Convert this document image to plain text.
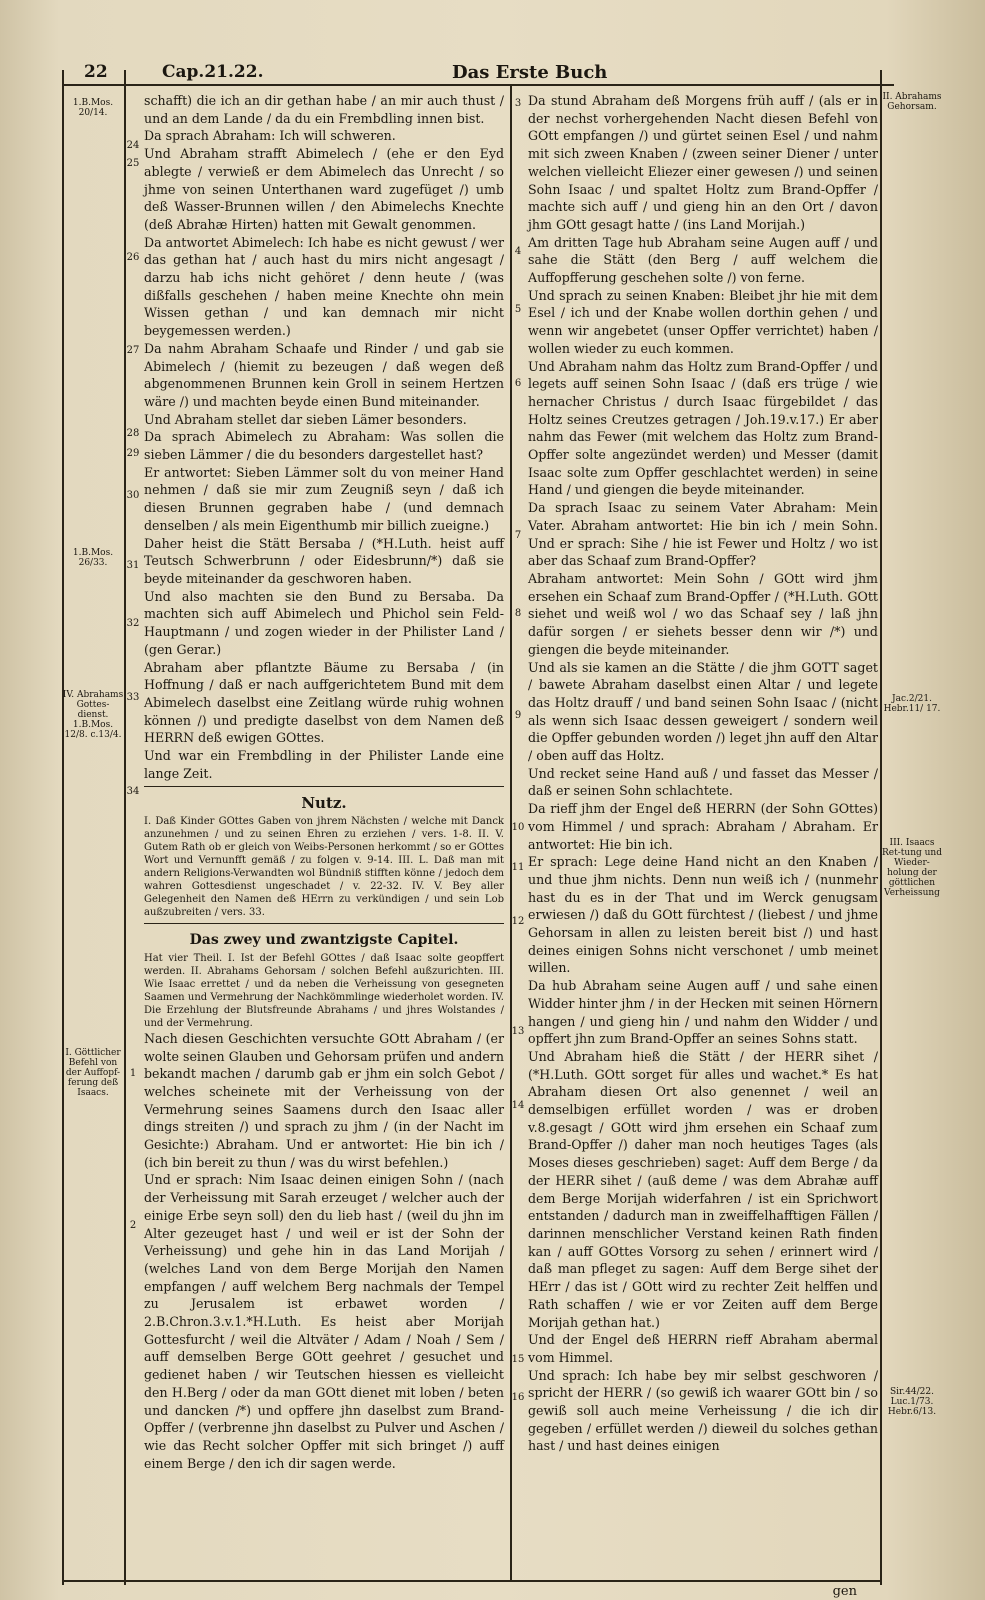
22	Cap.21.22.	Das Erste Buch
1.B.Mos. 20/14.
1.B.Mos. 26/33.
IV. Abrahams Gottes-dienst. 1.B.Mos. 12/8. c.13/4.
I. Göttlicher Befehl von der Auffopf-ferung deß Isaacs.
II. Abrahams Gehorsam.
Jac.2/21. Hebr.11/ 17.
III. Isaacs Ret-tung und Wieder-holung der göttlichen Verheissung
Sir.44/22. Luc.1/73. Hebr.6/13.

schafft) die ich an dir gethan habe / an mir auch thust / und an dem Lande / da du ein Frembdling innen bist.

Da sprach Abraham: Ich will schweren.

Und Abraham strafft Abimelech / (ehe er den Eyd ablegte / verwieß er dem Abimelech das Unrecht / so jhme von seinen Unterthanen ward zugefüget /) umb deß Wasser-Brunnen willen / den Abimelechs Knechte (deß Abrahæ Hirten) hatten mit Gewalt genommen.

Da antwortet Abimelech: Ich habe es nicht gewust / wer das gethan hat / auch hast du mirs nicht angesagt / darzu hab ichs nicht gehöret / denn heute / (was dißfalls geschehen / haben meine Knechte ohn mein Wissen gethan / und kan demnach mir nicht beygemessen werden.)

Da nahm Abraham Schaafe und Rinder / und gab sie Abimelech / (hiemit zu bezeugen / daß wegen deß abgenommenen Brunnen kein Groll in seinem Hertzen wäre /) und machten beyde einen Bund miteinander.

Und Abraham stellet dar sieben Lämer besonders.

Da sprach Abimelech zu Abraham: Was sollen die sieben Lämmer / die du besonders dargestellet hast?

Er antwortet: Sieben Lämmer solt du von meiner Hand nehmen / daß sie mir zum Zeugniß seyn / daß ich diesen Brunnen gegraben habe / (und demnach denselben / als mein Eigenthumb mir billich zueigne.)

Daher heist die Stätt Bersaba / (*H.Luth. heist auff Teutsch Schwerbrunn / oder Eidesbrunn/*) daß sie beyde miteinander da geschworen haben.

Und also machten sie den Bund zu Bersaba. Da machten sich auff Abimelech und Phichol sein Feld-Hauptmann / und zogen wieder in der Philister Land / (gen Gerar.)

Abraham aber pflantzte Bäume zu Bersaba / (in Hoffnung / daß er nach auffgerichtetem Bund mit dem Abimelech daselbst eine Zeitlang würde ruhig wohnen können /) und predigte daselbst von dem Namen deß HERRN deß ewigen GOttes.

Und war ein Frembdling in der Philister Lande eine lange Zeit.

Nutz.

I. Daß Kinder GOttes Gaben von jhrem Nächsten / welche mit Danck anzunehmen / und zu seinen Ehren zu erziehen / vers. 1-8. II. V. Gutem Rath ob er gleich von Weibs-Personen herkommt / so er GOttes Wort und Vernunfft gemäß / zu folgen v. 9-14. III. L. Daß man mit andern Religions-Verwandten wol Bündniß stifften könne / jedoch dem wahren Gottesdienst ungeschadet / v. 22-32. IV. V. Bey aller Gelegenheit den Namen deß HErrn zu verkündigen / und sein Lob außzubreiten / vers. 33.

Das zwey und zwantzigste Capitel.

Hat vier Theil. I. Ist der Befehl GOttes / daß Isaac solte geopffert werden. II. Abrahams Gehorsam / solchen Befehl außzurichten. III. Wie Isaac errettet / und da neben die Verheissung von gesegneten Saamen und Vermehrung der Nachkömmlinge wiederholet worden. IV. Die Erzehlung der Blutsfreunde Abrahams / und jhres Wolstandes / und der Vermehrung.

Nach diesen Geschichten versuchte GOtt Abraham / (er wolte seinen Glauben und Gehorsam prüfen und andern bekandt machen / darumb gab er jhm ein solch Gebot / welches scheinete mit der Verheissung von der Vermehrung seines Saamens durch den Isaac aller dings streiten /) und sprach zu jhm / (in der Nacht im Gesichte:) Abraham. Und er antwortet: Hie bin ich / (ich bin bereit zu thun / was du wirst befehlen.)

Und er sprach: Nim Isaac deinen einigen Sohn / (nach der Verheissung mit Sarah erzeuget / welcher auch der einige Erbe seyn soll) den du lieb hast / (weil du jhn im Alter gezeuget hast / und weil er ist der Sohn der Verheissung) und gehe hin in das Land Morijah / (welches Land von dem Berge Morijah den Namen empfangen / auff welchem Berg nachmals der Tempel zu Jerusalem ist erbawet worden / 2.B.Chron.3.v.1.*H.Luth. Es heist aber Morijah Gottesfurcht / weil die Altväter / Adam / Noah / Sem / auff demselben Berge GOtt geehret / gesuchet und gedienet haben / wir Teutschen hiessen es vielleicht den H.Berg / oder da man GOtt dienet mit loben / beten und dancken /*) und opffere jhn daselbst zum Brand-Opffer / (verbrenne jhn daselbst zu Pulver und Aschen / wie das Recht solcher Opffer mit sich bringet /) auff einem Berge / den ich dir sagen werde.

24
25
26
27
28
29
30
31
32
33
34
1
2

Da stund Abraham deß Morgens früh auff / (als er in der nechst vorhergehenden Nacht diesen Befehl von GOtt empfangen /) und gürtet seinen Esel / und nahm mit sich zween Knaben / (zween seiner Diener / unter welchen vielleicht Eliezer einer gewesen /) und seinen Sohn Isaac / und spaltet Holtz zum Brand-Opffer / machte sich auff / und gieng hin an den Ort / davon jhm GOtt gesagt hatte / (ins Land Morijah.)

Am dritten Tage hub Abraham seine Augen auff / und sahe die Stätt (den Berg / auff welchem die Auffopfferung geschehen solte /) von ferne.

Und sprach zu seinen Knaben: Bleibet jhr hie mit dem Esel / ich und der Knabe wollen dorthin gehen / und wenn wir angebetet (unser Opffer verrichtet) haben / wollen wieder zu euch kommen.

Und Abraham nahm das Holtz zum Brand-Opffer / und legets auff seinen Sohn Isaac / (daß ers trüge / wie hernacher Christus / durch Isaac fürgebildet / das Holtz seines Creutzes getragen / Joh.19.v.17.) Er aber nahm das Fewer (mit welchem das Holtz zum Brand-Opffer solte angezündet werden) und Messer (damit Isaac solte zum Opffer geschlachtet werden) in seine Hand / und giengen die beyde miteinander.

Da sprach Isaac zu seinem Vater Abraham: Mein Vater. Abraham antwortet: Hie bin ich / mein Sohn. Und er sprach: Sihe / hie ist Fewer und Holtz / wo ist aber das Schaaf zum Brand-Opffer?

Abraham antwortet: Mein Sohn / GOtt wird jhm ersehen ein Schaaf zum Brand-Opffer / (*H.Luth. GOtt siehet und weiß wol / wo das Schaaf sey / laß jhn dafür sorgen / er siehets besser denn wir /*) und giengen die beyde miteinander.

Und als sie kamen an die Stätte / die jhm GOTT saget / bawete Abraham daselbst einen Altar / und legete das Holtz drauff / und band seinen Sohn Isaac / (nicht als wenn sich Isaac dessen geweigert / sondern weil die Opffer gebunden worden /) leget jhn auff den Altar / oben auff das Holtz.

Und recket seine Hand auß / und fasset das Messer / daß er seinen Sohn schlachtete.

Da rieff jhm der Engel deß HERRN (der Sohn GOttes) vom Himmel / und sprach: Abraham / Abraham. Er antwortet: Hie bin ich.

Er sprach: Lege deine Hand nicht an den Knaben / und thue jhm nichts. Denn nun weiß ich / (nunmehr hast du es in der That und im Werck genugsam erwiesen /) daß du GOtt fürchtest / (liebest / und jhme Gehorsam in allen zu leisten bereit bist /) und hast deines einigen Sohns nicht verschonet / umb meinet willen.

Da hub Abraham seine Augen auff / und sahe einen Widder hinter jhm / in der Hecken mit seinen Hörnern hangen / und gieng hin / und nahm den Widder / und opffert jhn zum Brand-Opffer an seines Sohns statt.

Und Abraham hieß die Stätt / der HERR sihet / (*H.Luth. GOtt sorget für alles und wachet.* Es hat Abraham diesen Ort also genennet / weil an demselbigen erfüllet worden / was er droben v.8.gesagt / GOtt wird jhm ersehen ein Schaaf zum Brand-Opffer /) daher man noch heutiges Tages (als Moses dieses geschrieben) saget: Auff dem Berge / da der HERR sihet / (auß deme / was dem Abrahæ auff dem Berge Morijah widerfahren / ist ein Sprichwort entstanden / dadurch man in zweiffelhafftigen Fällen / darinnen menschlicher Verstand keinen Rath finden kan / auff GOttes Vorsorg zu sehen / erinnert wird / daß man pfleget zu sagen: Auff dem Berge sihet der HErr / das ist / GOtt wird zu rechter Zeit helffen und Rath schaffen / wie er vor Zeiten auff dem Berge Morijah gethan hat.)

Und der Engel deß HERRN rieff Abraham abermal vom Himmel.

Und sprach: Ich habe bey mir selbst geschworen / spricht der HERR / (so gewiß ich waarer GOtt bin / so gewiß soll auch meine Verheissung / die ich dir gegeben / erfüllet werden /) dieweil du solches gethan hast / und hast deines einigen

3
4
5
6
7
8
9
10
11
12
13
14
15
16
gen
